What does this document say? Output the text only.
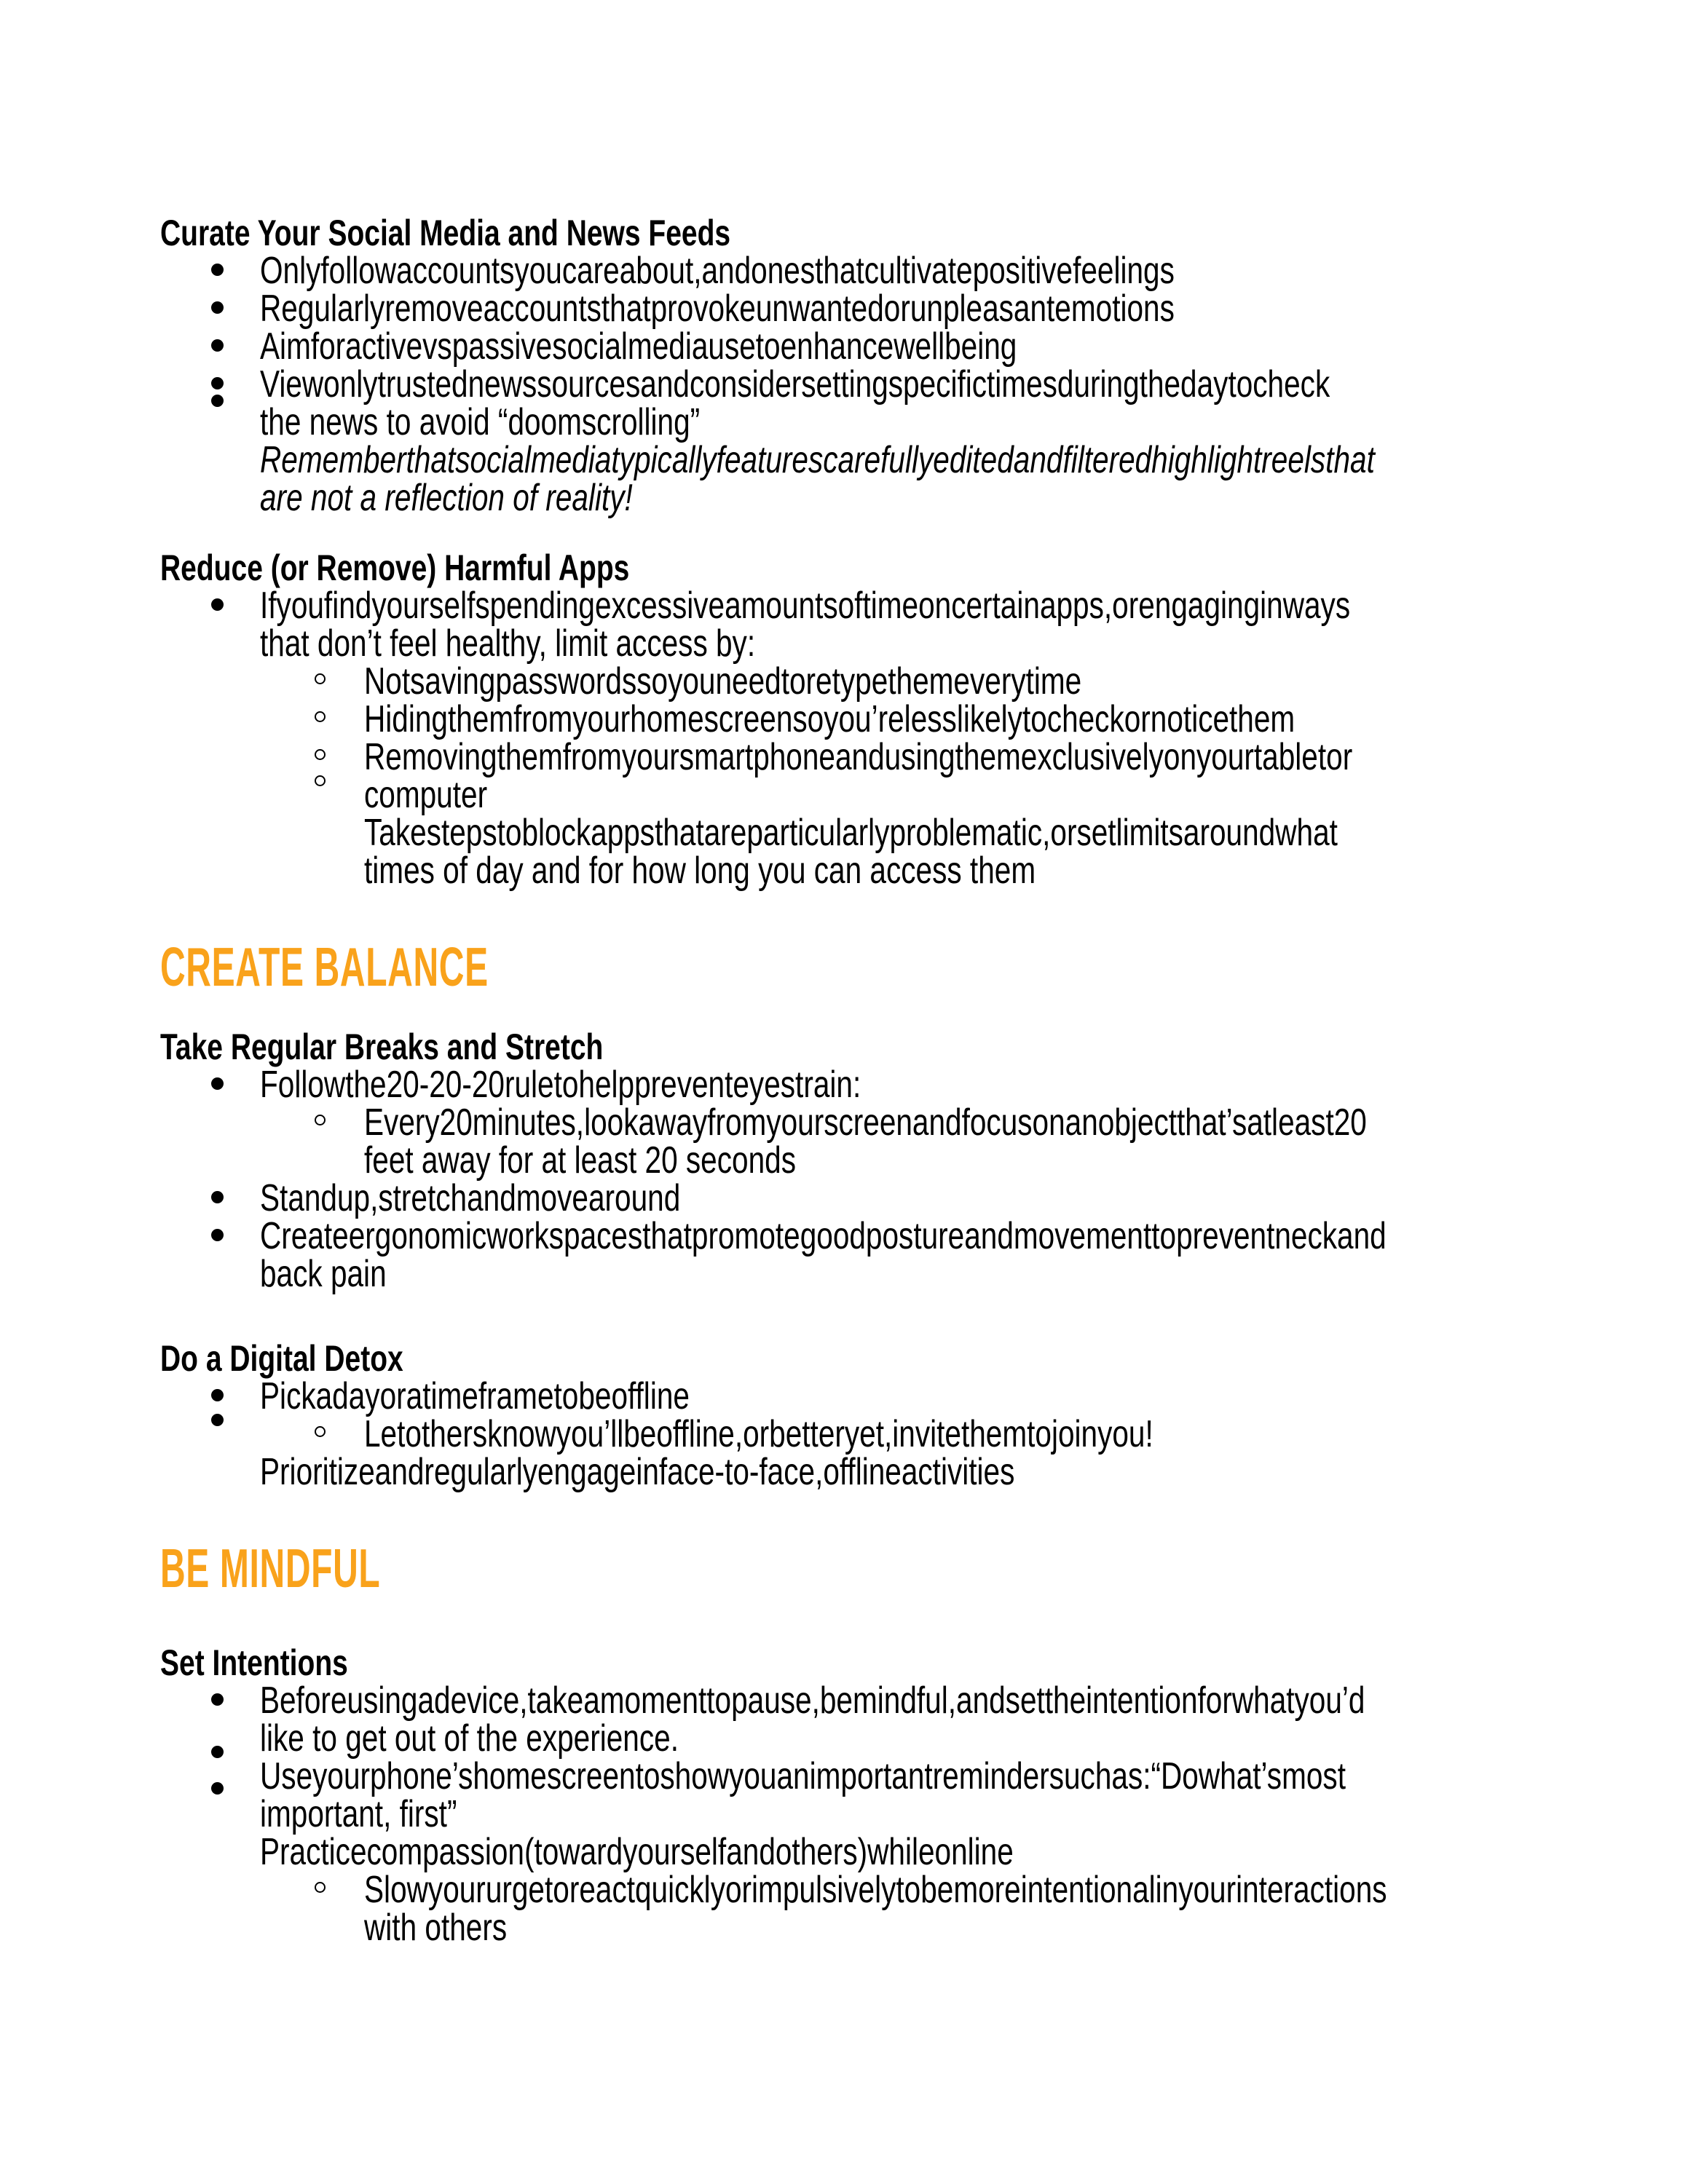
Curate Your Social Media and News Feeds
Onlyfollowaccountsyoucareabout,andonesthatcultivatepositivefeelings
Regularlyremoveaccountsthatprovokeunwantedorunpleasantemotions
Aimforactivevspassivesocialmediausetoenhancewellbeing
Viewonlytrustednewssourcesandconsidersettingspecifictimesduringthedaytocheck
the news to avoid “doomscrolling”
Rememberthatsocialmediatypicallyfeaturescarefullyeditedandfilteredhighlightreelsthat
are not a reflection of reality!
Reduce (or Remove) Harmful Apps
Ifyoufindyourselfspendingexcessiveamountsoftimeoncertainapps,orengaginginways
that don’t feel healthy, limit access by:
Notsavingpasswordssoyouneedtoretypethemeverytime
Hidingthemfromyourhomescreensoyou’relesslikelytocheckornoticethem
Removingthemfromyoursmartphoneandusingthemexclusivelyonyourtabletor
computer
Takestepstoblockappsthatareparticularlyproblematic,orsetlimitsaroundwhat
times of day and for how long you can access them
CREATE BALANCE
Take Regular Breaks and Stretch
Followthe20-20-20ruletohelppreventeyestrain:
Every20minutes,lookawayfromyourscreenandfocusonanobjectthat’satleast20
feet away for at least 20 seconds
Standup,stretchandmovearound
Createergonomicworkspacesthatpromotegoodpostureandmovementtopreventneckand
back pain
Do a Digital Detox
Pickadayoratimeframetobeoffline
Letothersknowyou’llbeoffline,orbetteryet,invitethemtojoinyou!
Prioritizeandregularlyengageinface-to-face,offlineactivities
BE MINDFUL
Set Intentions
Beforeusingadevice,takeamomenttopause,bemindful,andsettheintentionforwhatyou’d
like to get out of the experience.
Useyourphone’shomescreentoshowyouanimportantremindersuchas:“Dowhat’smost
important, first”
Practicecompassion(towardyourselfandothers)whileonline
Slowyoururgetoreactquicklyorimpulsivelytobemoreintentionalinyourinteractions
with others
